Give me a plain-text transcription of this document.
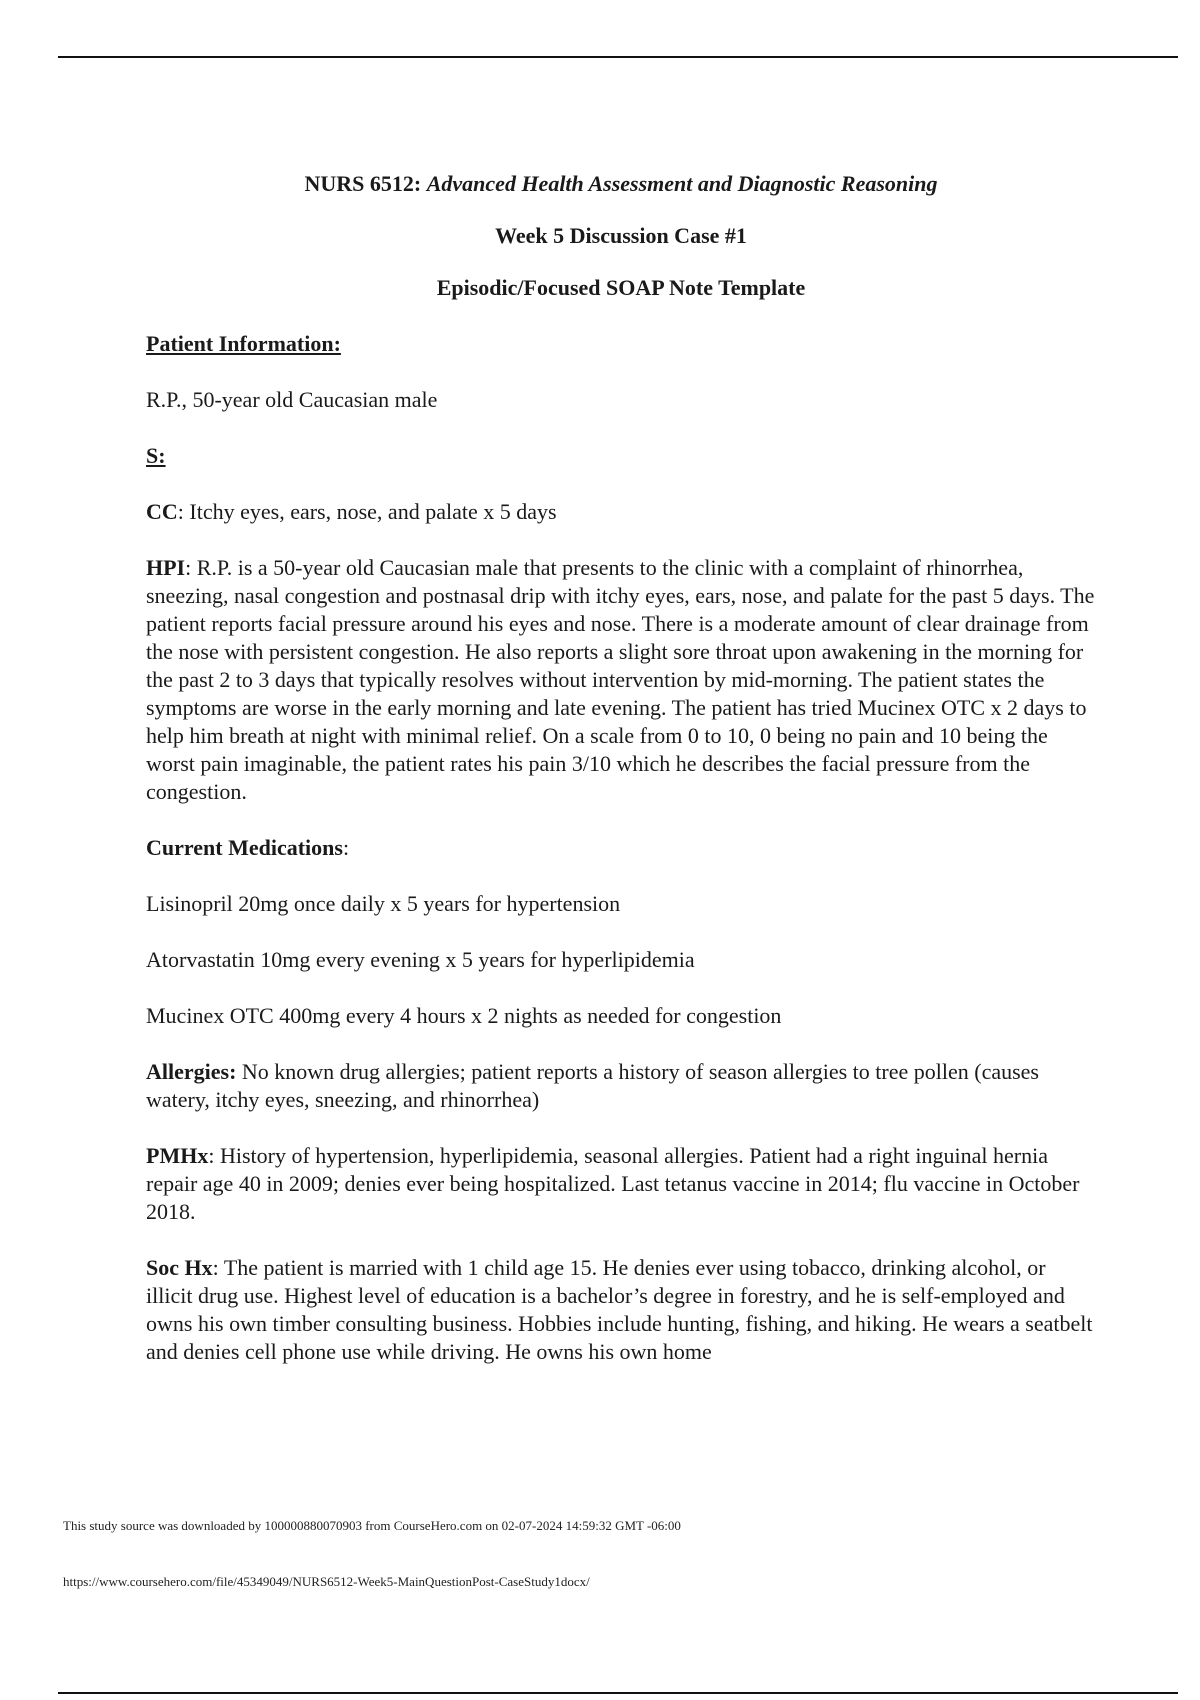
NURS 6512: Advanced Health Assessment and Diagnostic Reasoning
Week 5 Discussion Case #1
Episodic/Focused SOAP Note Template
Patient Information:

R.P., 50-year old Caucasian male

S:

CC: Itchy eyes, ears, nose, and palate x 5 days

HPI: R.P. is a 50-year old Caucasian male that presents to the clinic with a complaint of rhinorrhea, sneezing, nasal congestion and postnasal drip with itchy eyes, ears, nose, and palate for the past 5 days. The patient reports facial pressure around his eyes and nose. There is a moderate amount of clear drainage from the nose with persistent congestion. He also reports a slight sore throat upon awakening in the morning for the past 2 to 3 days that typically resolves without intervention by mid-morning. The patient states the symptoms are worse in the early morning and late evening. The patient has tried Mucinex OTC x 2 days to help him breath at night with minimal relief. On a scale from 0 to 10, 0 being no pain and 10 being the worst pain imaginable, the patient rates his pain 3/10 which he describes the facial pressure from the congestion.

Current Medications:

Lisinopril 20mg once daily x 5 years for hypertension

Atorvastatin 10mg every evening x 5 years for hyperlipidemia

Mucinex OTC 400mg every 4 hours x 2 nights as needed for congestion

Allergies: No known drug allergies; patient reports a history of season allergies to tree pollen (causes watery, itchy eyes, sneezing, and rhinorrhea)

PMHx: History of hypertension, hyperlipidemia, seasonal allergies. Patient had a right inguinal hernia repair age 40 in 2009; denies ever being hospitalized. Last tetanus vaccine in 2014; flu vaccine in October 2018.

Soc Hx: The patient is married with 1 child age 15. He denies ever using tobacco, drinking alcohol, or illicit drug use. Highest level of education is a bachelor’s degree in forestry, and he is self-employed and owns his own timber consulting business. Hobbies include hunting, fishing, and hiking. He wears a seatbelt and denies cell phone use while driving. He owns his own home

This study source was downloaded by 100000880070903 from CourseHero.com on 02-07-2024 14:59:32 GMT -06:00
https://www.coursehero.com/file/45349049/NURS6512-Week5-MainQuestionPost-CaseStudy1docx/
